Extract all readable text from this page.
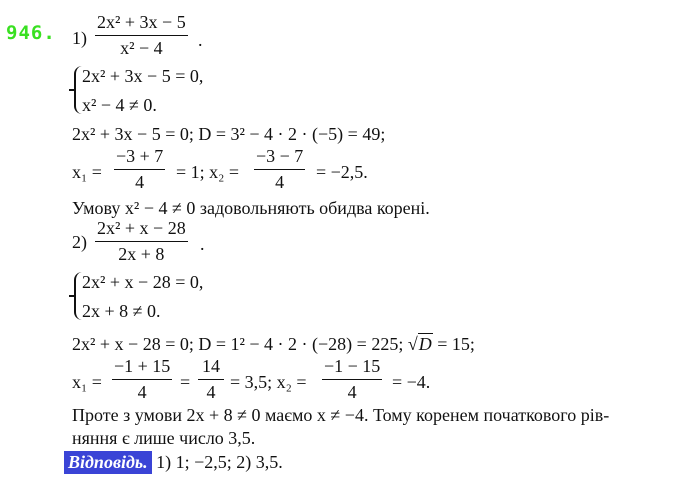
946. 1)
2x² + 3x − 5
x² − 4	.
2x² + 3x − 5 = 0,
x² − 4 ≠ 0.
2x² + 3x − 5 = 0; D = 3² − 4 · 2 · (−5) = 49;
x₁ =
−3 + 7
4	= 1; x₂ =
−3 − 7
4	= −2,5.
Умову x² − 4 ≠ 0 задовольняють обидва корені.
2)
2x² + x − 28
2x + 8	.
2x² + x − 28 = 0,
2x + 8 ≠ 0.
2x² + x − 28 = 0; D = 1² − 4 · 2 · (−28) = 225; √D = 15;
x₁ =
−1 + 15
4	=
14
4 = 3,5; x₂ =
−1 − 15
4	= −4.
Проте з умови 2x + 8 ≠ 0 маємо x ≠ −4. Тому коренем початкового рів-
няння є лише число 3,5.
Відповідь. 1) 1; −2,5; 2) 3,5.
